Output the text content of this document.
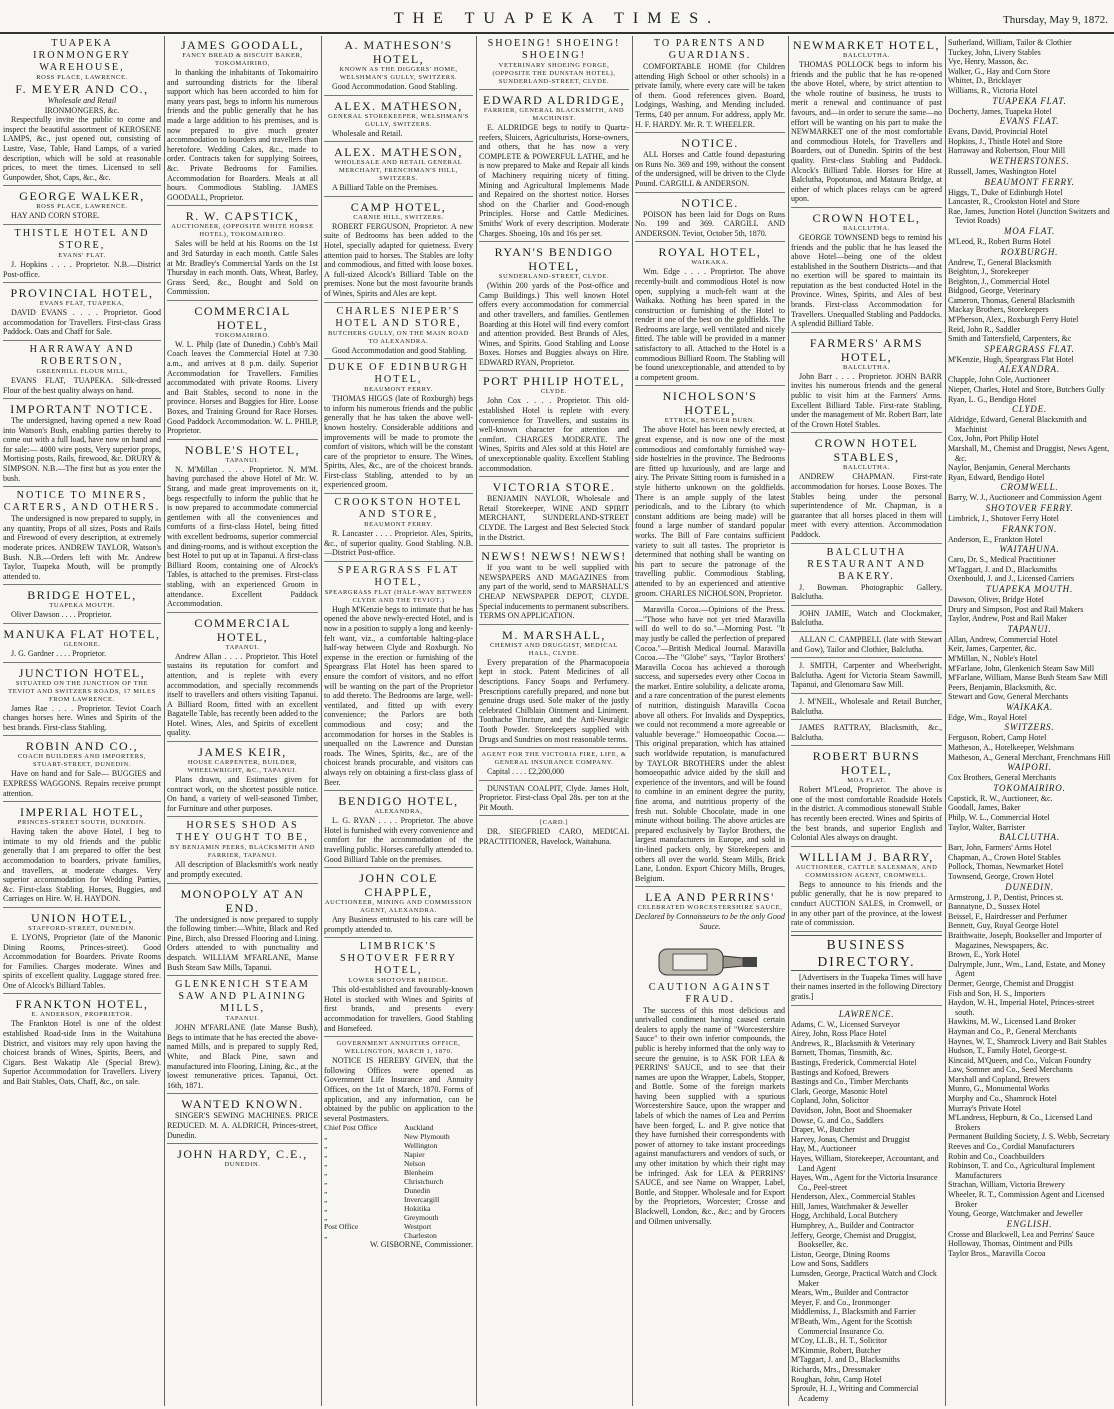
THE TUAPEKA TIMES.	Thursday, May 9, 1872.
TUAPEKA IRONMONGERY WAREHOUSE,
ROSS PLACE, LAWRENCE.
F. MEYER AND CO.,
Wholesale and Retail
IRONMONGERS, &c.
Respectfully invite the public to come and inspect the beautiful assortment of KEROSENE LAMPS, &c., just opened out, consisting of Lustre, Vase, Table, Hand Lamps, of a varied description, which will be sold at reasonable prices, to meet the times. Licensed to sell Gunpowder, Shot, Caps, &c., &c.
GEORGE WALKER,
ROSS PLACE, LAWRENCE.
HAY AND CORN STORE.
THISTLE HOTEL AND STORE,
EVANS' FLAT.
J. Hopkins . . . . Proprietor. N.B.—District Post-office.
PROVINCIAL HOTEL,
EVANS FLAT, TUAPEKA,
DAVID EVANS . . . . Proprietor. Good accommodation for Travellers. First-class Grass Paddock. Oats and Chaff for Sale.
HARRAWAY AND ROBERTSON,
GREENHILL FLOUR MILL,
EVANS FLAT, TUAPEKA. Silk-dressed Flour of the best quality always on hand.
IMPORTANT NOTICE.
The undersigned, having opened a new Road into Watson's Bush, enabling parties thereby to come out with a full load, have now on hand and for sale:— 4000 wire posts, Very superior props, Mortising posts, Rails, firewood, &c. DRURY & SIMPSON. N.B.—The first hut as you enter the bush.
NOTICE TO MINERS, CARTERS, AND OTHERS.
The undersigned is now prepared to supply, in any quantity, Props of all sizes, Posts and Rails and Firewood of every description, at extremely moderate prices. ANDREW TAYLOR, Watson's Bush. N.B.—Orders left with Mr. Andrew Taylor, Tuapeka Mouth, will be promptly attended to.
BRIDGE HOTEL,
TUAPEKA MOUTH.
Oliver Dawson . . . . Proprietor.
MANUKA FLAT HOTEL,
GLENORE.
J. G. Gardner . . . . Proprietor.
JUNCTION HOTEL,
SITUATED ON THE JUNCTION OF THE TEVIOT AND SWITZERS ROADS, 17 MILES FROM LAWRENCE.
James Rae . . . . Proprietor. Teviot Coach changes horses here. Wines and Spirits of the best brands. First-class Stabling.
ROBIN AND CO.,
COACH BUILDERS AND IMPORTERS, STUART-STREET, DUNEDIN.
Have on hand and for Sale— BUGGIES and EXPRESS WAGGONS. Repairs receive prompt attention.
IMPERIAL HOTEL,
PRINCES-STREET SOUTH, DUNEDIN.
Having taken the above Hotel, I beg to intimate to my old friends and the public generally that I am prepared to offer the best accommodation to boarders, private families, and travellers, at moderate charges. Very superior accommodation for Wedding Parties, &c. First-class Stabling. Horses, Buggies, and Carriages on Hire. W. H. HAYDON.
UNION HOTEL,
STAFFORD-STREET, DUNEDIN.
E. LYONS, Proprietor (late of the Manonic Dining Rooms, Princes-street). Good Accommodation for Boarders. Private Rooms for Families. Charges moderate. Wines and spirits of excellent quality. Luggage stored free. One of Alcock's Billiard Tables.
FRANKTON HOTEL,
E. ANDERSON, PROPRIETOR.
The Frankton Hotel is one of the oldest established Road-side Inns in the Waitahuna District, and visitors may rely upon having the choicest brands of Wines, Spirits, Beers, and Cigars. Best Wakatip Ale (Special Brew). Superior Accommodation for Travellers. Livery and Bait Stables, Oats, Chaff, &c., on sale.
JAMES GOODALL,
FANCY BREAD & BISCUIT BAKER,
TOKOMAIRIRO,
In thanking the inhabitants of Tokomairiro and surrounding districts for the liberal support which has been accorded to him for many years past, begs to inform his numerous friends and the public generally that he has made a large addition to his premises, and is now prepared to give much greater accommodation to boarders and travellers than heretofore. Wedding Cakes, &c., made to order. Contracts taken for supplying Soirees, &c. Private Bedrooms for Families. Accommodation for Boarders. Meals at all hours. Commodious Stabling. JAMES GOODALL, Proprietor.
R. W. CAPSTICK,
AUCTIONEER, (OPPOSITE WHITE HORSE HOTEL), TOKOMAIRIRO.
Sales will be held at his Rooms on the 1st and 3rd Saturday in each month. Cattle Sales at Mr. Bradley's Commercial Yards on the 1st Thursday in each month. Oats, Wheat, Barley, Grass Seed, &c., Bought and Sold on Commission.
COMMERCIAL HOTEL,
TOKOMAIRIRO.
W. L. Philp (late of Dunedin.) Cobb's Mail Coach leaves the Commercial Hotel at 7.30 a.m., and arrives at 8 p.m. daily. Superior Accommodation for Travellers. Families accommodated with private Rooms. Livery and Bait Stables, second to none in the province. Horses and Buggies for Hire. Loose Boxes, and Training Ground for Race Horses. Good Paddock Accommodation. W. L. PHILP, Proprietor.
NOBLE'S HOTEL,
TAPANUI.
N. M'Millan . . . . Proprietor. N. M'M. having purchased the above Hotel of Mr. W. Strang, and made great improvements on it, begs respectfully to inform the public that he is now prepared to accommodate commercial gentlemen with all the conveniences and comforts of a first-class Hotel, being fitted with excellent bedrooms, superior commercial and dining-rooms, and is without exception the best Hotel to put up at in Tapanui. A first-class Billiard Room, containing one of Alcock's Tables, is attached to the premises. First-class stabling, with an experienced Groom in attendance. Excellent Paddock Accommodation.
COMMERCIAL HOTEL,
TAPANUI.
Andrew Allan . . . . Proprietor. This Hotel sustains its reputation for comfort and attention, and is replete with every accommodation, and specially recommends itself to travellers and others visiting Tapanui. A Billiard Room, fitted with an excellent Bagatelle Table, has recently been added to the Hotel. Wines, Ales, and Spirits of excellent quality.
JAMES KEIR,
HOUSE CARPENTER, BUILDER, WHEELWRIGHT, &C., TAPANUI.
Plans drawn, and Estimates given for contract work, on the shortest possible notice. On hand, a variety of well-seasoned Timber, for Furniture and other purposes.
HORSES SHOD AS THEY OUGHT TO BE,
BY BENJAMIN PEERS, BLACKSMITH AND FARRIER, TAPANUI.
All description of Blacksmith's work neatly and promptly executed.
MONOPOLY AT AN END.
The undersigned is now prepared to supply the following timber:—White, Black and Red Pine, Birch, also Dressed Flooring and Lining. Orders attended to with punctuality and despatch. WILLIAM M'FARLANE, Manse Bush Steam Saw Mills, Tapanui.
GLENKENICH STEAM SAW AND PLAINING MILLS,
TAPANUI.
JOHN M'FARLANE (late Manse Bush), Begs to intimate that he has erected the above-named Mills, and is prepared to supply Red, White, and Black Pine, sawn and manufactured into Flooring, Lining, &c., at the lowest remunerative prices. Tapanui, Oct. 16th, 1871.
WANTED KNOWN.
SINGER'S SEWING MACHINES. PRICE REDUCED. M. A. ALDRICH, Princes-street, Dunedin.
JOHN HARDY, C.E.,
DUNEDIN.
A. MATHESON'S HOTEL,
KNOWN AS THE DIGGERS' HOME, WELSHMAN'S GULLY, SWITZERS.
Good Accommodation. Good Stabling.
ALEX. MATHESON,
GENERAL STOREKEEPER, WELSHMAN'S GULLY, SWITZERS.
Wholesale and Retail.
ALEX. MATHESON,
WHOLESALE AND RETAIL GENERAL MERCHANT, FRENCHMAN'S HILL, SWITZERS.
A Billiard Table on the Premises.
CAMP HOTEL,
CARNIE HILL, SWITZERS.
ROBERT FERGUSON, Proprietor. A new suite of Bedrooms has been added to the Hotel, specially adapted for quietness. Every attention paid to horses. The Stables are lofty and commodious, and fitted with loose boxes. A full-sized Alcock's Billiard Table on the premises. None but the most favourite brands of Wines, Spirits and Ales are kept.
CHARLES NIEPER'S HOTEL AND STORE,
BUTCHERS GULLY, ON THE MAIN ROAD TO ALEXANDRA.
Good Accommodation and good Stabling.
DUKE OF EDINBURGH HOTEL,
BEAUMONT FERRY.
THOMAS HIGGS (late of Roxburgh) begs to inform his numerous friends and the public generally that he has taken the above well-known hostelry. Considerable additions and improvements will be made to promote the comfort of visitors, which will be the constant care of the proprietor to ensure. The Wines, Spirits, Ales, &c., are of the choicest brands. First-class Stabling, attended to by an experienced groom.
CROOKSTON HOTEL AND STORE,
BEAUMONT FERRY.
R. Lancaster . . . . Proprietor. Ales, Spirits, &c., of superior quality. Good Stabling. N.B.—District Post-office.
SPEARGRASS FLAT HOTEL,
SPEARGRASS FLAT (HALF-WAY BETWEEN CLYDE AND THE TEVIOT.)
Hugh M'Kenzie begs to intimate that he has opened the above newly-erected Hotel, and is now in a position to supply a long and keenly-felt want, viz., a comfortable halting-place half-way between Clyde and Roxburgh. No expense in the erection or furnishing of the Speargrass Flat Hotel has been spared to ensure the comfort of visitors, and no effort will be wanting on the part of the Proprietor to add thereto. The Bedrooms are large, well-ventilated, and fitted up with every convenience; the Parlors are both commodious and cosy; and the accommodation for horses in the Stables is unequalled on the Lawrence and Dunstan roads. The Wines, Spirits, &c., are of the choicest brands procurable, and visitors can always rely on obtaining a first-class glass of Beer.
BENDIGO HOTEL,
ALEXANDRA,
L. G. RYAN . . . . Proprietor. The above Hotel is furnished with every convenience and comfort for the accommodation of the travelling public. Horses carefully attended to. Good Billiard Table on the premises.
JOHN COLE CHAPPLE,
AUCTIONEER, MINING AND COMMISSION AGENT, ALEXANDRA.
Any Business entrusted to his care will be promptly attended to.
LIMBRICK'S SHOTOVER FERRY HOTEL,
LOWER SHOTOVER BRIDGE.
This old-established and favourably-known Hotel is stocked with Wines and Spirits of first brands, and presents every accommodation for travellers. Good Stabling and Horsefeed.
GOVERNMENT ANNUITIES OFFICE, WELLINGTON, MARCH 1, 1870.
NOTICE IS HEREBY GIVEN, that the following Offices were opened as Government Life Insurance and Annuity Offices, on the 1st of March, 1870. Forms of application, and any information, can be obtained by the public on application to the several Postmasters.
Chief Post Office	Auckland
„	New Plymouth
„	Wellington
„	Napier
„	Nelson
„	Blenheim
„	Christchurch
„	Dunedin
„	Invercargill
„	Hokitika
„	Greymouth
Post Office	Westport
„	Charleston
W. GISBORNE, Commissioner.
SHOEING! SHOEING! SHOEING!
VETERINARY SHOEING FORGE, (OPPOSITE THE DUNSTAN HOTEL), SUNDERLAND-STREET, CLYDE.
EDWARD ALDRIDGE,
FARRIER, GENERAL BLACKSMITH, AND MACHINIST.
E. ALDRIDGE begs to notify to Quartz-reefers, Sluicers, Agriculturists, Horse-owners, and others, that he has now a very COMPLETE & POWERFUL LATHE, and he is now prepared to Make and Repair all kinds of Machinery requiring nicety of fitting. Mining and Agricultural Implements Made and Repaired on the shortest notice. Horses shod on the Charlier and Good-enough Principles. Horse and Cattle Medicines. Smiths' Work of every description. Moderate Charges. Shoeing, 10s and 16s per set.
RYAN'S BENDIGO HOTEL,
SUNDERLAND-STREET, CLYDE.
(Within 200 yards of the Post-office and Camp Buildings.) This well known Hotel offers every accommodation for commercial and other travellers, and families. Gentlemen Boarding at this Hotel will find every comfort and attention provided. Best Brands of Ales, Wines, and Spirits. Good Stabling and Loose Boxes. Horses and Buggies always on Hire. EDWARD RYAN, Proprietor.
PORT PHILIP HOTEL,
CLYDE.
John Cox . . . . Proprietor. This old-established Hotel is replete with every convenience for Travellers, and sustains its well-known character for attention and comfort. CHARGES MODERATE. The Wines, Spirits and Ales sold at this Hotel are of unexceptionable quality. Excellent Stabling accommodation.
VICTORIA STORE.
BENJAMIN NAYLOR, Wholesale and Retail Storekeeper, WINE AND SPIRIT MERCHANT, SUNDERLAND-STREET CLYDE. The Largest and Best Selected Stock in the District.
NEWS! NEWS! NEWS!
If you want to be well supplied with NEWSPAPERS AND MAGAZINES from any part of the world, send to MARSHALL'S CHEAP NEWSPAPER DEPOT, CLYDE. Special inducements to permanent subscribers. TERMS ON APPLICATION.
M. MARSHALL,
CHEMIST AND DRUGGIST, MEDICAL HALL, CLYDE.
Every preparation of the Pharmacopoeia kept in stock. Patent Medicines of all descriptions. Fancy Soaps and Perfumery. Prescriptions carefully prepared, and none but genuine drugs used. Sole maker of the justly celebrated Chilblain Ointment and Liniment. Toothache Tincture, and the Anti-Neuralgic Tooth Powder. Storekeepers supplied with Drugs and Sundries on most reasonable terms.
AGENT FOR THE VICTORIA FIRE, LIFE, & GENERAL INSURANCE COMPANY.
Capital . . . . £2,200,000
DUNSTAN COALPIT, Clyde. James Holt, Proprietor. First-class Opal 28s. per ton at the Pit Mouth.
[CARD.]
DR. SIEGFRIED CARO, MEDICAL PRACTITIONER, Havelock, Waitahuna.
TO PARENTS AND GUARDIANS.
COMFORTABLE HOME (for Children attending High School or other schools) in a private family, where every care will be taken of them. Good references given. Board, Lodgings, Washing, and Mending included. Terms, £40 per annum. For address, apply Mr. H. F. HARDY. Mr. R. T. WHEELER.
NOTICE.
ALL Horses and Cattle found depasturing on Runs No. 369 and 199, without the consent of the undersigned, will be driven to the Clyde Pound. CARGILL & ANDERSON.
NOTICE.
POISON has been laid for Dogs on Runs No. 199 and 369. CARGILL AND ANDERSON. Teviot, October 5th, 1870.
ROYAL HOTEL,
WAIKAKA.
Wm. Edge . . . . Proprietor. The above recently-built and commodious Hotel is now open, supplying a much-felt want at the Waikaka. Nothing has been spared in the construction or furnishing of the Hotel to render it one of the best on the goldfields. The Bedrooms are large, well ventilated and nicely fitted. The table will be provided in a manner satisfactory to all. Attached to the Hotel is a commodious Billiard Room. The Stabling will be found unexceptionable, and attended to by a competent groom.
NICHOLSON'S HOTEL,
ETTRICK, BENGER BURN.
The above Hotel has been newly erected, at great expense, and is now one of the most commodious and comfortably furnished way-side hostelries in the province. The Bedrooms are fitted up luxuriously, and are large and airy. The Private Sitting room is furnished in a style hitherto unknown on the goldfields. There is an ample supply of the latest periodicals, and to the Library (to which constant additions are being made) will be found a large number of standard popular works. The Bill of Fare contains sufficient variety to suit all tastes. The proprietor is determined that nothing shall be wanting on his part to secure the patronage of the travelling public. Commodious Stabling, attended to by an experienced and attentive groom. CHARLES NICHOLSON, Proprietor.
Maravilla Cocoa.—Opinions of the Press.—"Those who have not yet tried Maravilla will do well to do so."—Morning Post. "It may justly be called the perfection of prepared Cocoa."—British Medical Journal. Maravilla Cocoa.—The "Globe" says, "Taylor Brothers' Maravilla Cocoa has achieved a thorough success, and supersedes every other Cocoa in the market. Entire solubility, a delicate aroma, and a rare concentration of the purest elements of nutrition, distinguish Maravilla Cocoa above all others. For Invalids and Dyspeptics, we could not recommend a more agreeable or valuable beverage." Homoeopathic Cocoa.—This original preparation, which has attained such worldwide reputation, is manufactured by TAYLOR BROTHERS under the ablest homoeopathic advice aided by the skill and experience of the inventors, and will be found to combine in an eminent degree the purity, fine aroma, and nutritious property of the fresh nut. Soluble Chocolate, made in one minute without boiling. The above articles are prepared exclusively by Taylor Brothers, the largest manufacturers in Europe, and sold in tin-lined packets only, by Storekeepers and others all over the world. Steam Mills, Brick Lane, London. Export Chicory Mills, Bruges, Belgium.
LEA AND PERRINS'
CELEBRATED WORCESTERSHIRE SAUCE,
Declared by Connoisseurs to be the only Good Sauce.
CAUTION AGAINST FRAUD.
The success of this most delicious and unrivalled condiment having caused certain dealers to apply the name of "Worcestershire Sauce" to their own inferior compounds, the public is hereby informed that the only way to secure the genuine, is to ASK FOR LEA & PERRINS' SAUCE, and to see that their names are upon the Wrapper, Labels, Stopper, and Bottle. Some of the foreign markets having been supplied with a spurious Worcestershire Sauce, upon the wrapper and labels of which the names of Lea and Perrins have been forged, L. and P. give notice that they have furnished their correspondents with power of attorney to take instant proceedings against manufacturers and vendors of such, or any other imitation by which their right may be infringed. Ask for LEA & PERRINS' SAUCE, and see Name on Wrapper, Label, Bottle, and Stopper. Wholesale and for Export by the Proprietors, Worcester; Crosse and Blackwell, London, &c., &c.; and by Grocers and Oilmen universally.
NEWMARKET HOTEL,
BALCLUTHA.
THOMAS POLLOCK begs to inform his friends and the public that he has re-opened the above Hotel, where, by strict attention to the whole routine of business, he trusts to merit a renewal and continuance of past favours, and—in order to secure the same—no effort will be wanting on his part to make the NEWMARKET one of the most comfortable and commodious Hotels, for Travellers and Boarders, out of Dunedin. Spirits of the best quality. First-class Stabling and Paddock. Alcock's Billiard Table. Horses for Hire at Balclutha, Popotunoa, and Mataura Bridge, at either of which places relays can be agreed upon.
CROWN HOTEL,
BALCLUTHA.
GEORGE TOWNSEND begs to remind his friends and the public that he has leased the above Hotel—being one of the oldest established in the Southern Districts—and that no exertion will be spared to maintain its reputation as the best conducted Hotel in the Province. Wines, Spirits, and Ales of best brands. First-class Accommodation for Travellers. Unequalled Stabling and Paddocks. A splendid Billiard Table.
FARMERS' ARMS HOTEL,
BALCLUTHA.
John Barr . . . . Proprietor. JOHN BARR invites his numerous friends and the general public to visit him at the Farmers' Arms. Excellent Billiard Table. First-rate Stabling, under the management of Mr. Robert Barr, late of the Crown Hotel Stables.
CROWN HOTEL STABLES,
BALCLUTHA.
ANDREW CHAPMAN. First-rate accommodation for horses. Loose Boxes. The Stables being under the personal superintendence of Mr. Chapman, is a guarantee that all horses placed in them will meet with every attention. Accommodation Paddock.
BALCLUTHA RESTAURANT AND BAKERY.
J. Bowman. Photographic Gallery, Balclutha.
JOHN JAMIE, Watch and Clockmaker, Balclutha.
ALLAN C. CAMPBELL (late with Stewart and Gow), Tailor and Clothier, Balclutha.
J. SMITH, Carpenter and Wheelwright, Balclutha. Agent for Victoria Steam Sawmill, Tapanui, and Glenomaru Saw Mill.
J. M'NEIL, Wholesale and Retail Butcher, Balclutha.
JAMES RATTRAY, Blacksmith, &c., Balclutha.
ROBERT BURNS HOTEL,
MOA FLAT.
Robert M'Leod, Proprietor. The above is one of the most comfortable Roadside Hotels in the district. A commodious stonewall Stable has recently been erected. Wines and Spirits of the best brands, and superior English and Colonial Ales always on draught.
WILLIAM J. BARRY,
AUCTIONEER, CATTLE SALESMAN, AND COMMISSION AGENT, CROMWELL.
Begs to announce to his friends and the public generally, that he is now prepared to conduct AUCTION SALES, in Cromwell, or in any other part of the province, at the lowest rate of commission.
BUSINESS DIRECTORY.
[Advertisers in the Tuapeka Times will have their names inserted in the following Directory gratis.]
LAWRENCE.
Adams, C. W., Licensed Surveyor
Airey, John, Ross Place Hotel
Andrews, R., Blacksmith & Veterinary
Barnett, Thomas, Tinsmith, &c.
Bastings, Frederick, Commercial Hotel
Bastings and Kofoed, Brewers
Bastings and Co., Timber Merchants
Clark, George, Masonic Hotel
Copland, John, Solicitor
Davidson, John, Boot and Shoemaker
Dowse, G. and Co., Saddlers
Draper, W., Butcher
Harvey, Jonas, Chemist and Druggist
Hay, M., Auctioneer
Hayes, William, Storekeeper, Accountant, and Land Agent
Hayes, Wm., Agent for the Victoria Insurance Co., Peel-street
Henderson, Alex., Commercial Stables
Hill, James, Watchmaker & Jeweller
Hogg, Archibald, Local Butchery
Humphrey, A., Builder and Contractor
Jeffery, George, Chemist and Druggist, Bookseller, &c.
Liston, George, Dining Rooms
Low and Sons, Saddlers
Lumsden, George, Practical Watch and Clock Maker
Mears, Wm., Builder and Contractor
Meyer, F. and Co., Ironmonger
Middlemiss, J., Blacksmith and Farrier
M'Beath, Wm., Agent for the Scottish Commercial Insurance Co.
M'Coy, LL.B., H. T., Solicitor
M'Kimmie, Robert, Butcher
M'Taggart, J. and D., Blacksmiths
Richards, Mrs., Dressmaker
Roughan, John, Camp Hotel
Sproule, H. J., Writing and Commercial Academy
Sutherland, William, Tailor & Clothier
Tuckey, John, Livery Stables
Vye, Henry, Masson, &c.
Walker, G., Hay and Corn Store
Whittet, D., Bricklayer
Williams, R., Victoria Hotel
TUAPEKA FLAT.
Docherty, James, Tuapeka Hotel
EVANS FLAT.
Evans, David, Provincial Hotel
Hopkins, J., Thistle Hotel and Store
Harraway and Robertson, Flour Mill
WETHERSTONES.
Russell, James, Washington Hotel
BEAUMONT FERRY.
Higgs, T., Duke of Edinburgh Hotel
Lancaster, R., Crookston Hotel and Store
Rae, James, Junction Hotel (Junction Switzers and Teviot Roads)
MOA FLAT.
M'Leod, R., Robert Burns Hotel
ROXBURGH.
Andrew, T., General Blacksmith
Beighton, J., Storekeeper
Beighton, J., Commercial Hotel
Bidgood, George, Veterinary
Cameron, Thomas, General Blacksmith
Mackay Brothers, Storekeepers
M'Pherson, Alex., Roxburgh Ferry Hotel
Reid, John R., Saddler
Smith and Tattersfield, Carpenters, &c
SPEARGRASS FLAT.
M'Kenzie, Hugh, Speargrass Flat Hotel
ALEXANDRA.
Chapple, John Cole, Auctioneer
Nieper, Charles, Hotel and Store, Butchers Gully
Ryan, L. G., Bendigo Hotel
CLYDE.
Aldridge, Edward, General Blacksmith and Machinist
Cox, John, Port Philip Hotel
Marshall, M., Chemist and Druggist, News Agent, &c.
Naylor, Benjamin, General Merchants
Ryan, Edward, Bendigo Hotel
CROMWELL.
Barry, W. J., Auctioneer and Commission Agent
SHOTOVER FERRY.
Limbrick, J., Shotover Ferry Hotel
FRANKTON.
Anderson, E., Frankton Hotel
WAITAHUNA.
Caro, Dr. S., Medical Practitioner
M'Taggart, J. and D., Blacksmiths
Oxenbould, J. and J., Licensed Carriers
TUAPEKA MOUTH.
Dawson, Oliver, Bridge Hotel
Drury and Simpson, Post and Rail Makers
Taylor, Andrew, Post and Rail Maker
TAPANUI.
Allan, Andrew, Commercial Hotel
Keir, James, Carpenter, &c.
M'Millan, N., Noble's Hotel
M'Farlane, John, Glenkenich Steam Saw Mill
M'Farlane, William, Manse Bush Steam Saw Mill
Peers, Benjamin, Blacksmith, &c.
Stewart and Gow, General Merchants
WAIKAKA.
Edge, Wm., Royal Hotel
SWITZERS.
Ferguson, Robert, Camp Hotel
Matheson, A., Hotelkeeper, Welshmans
Matheson, A., General Merchant, Frenchmans Hill
WAIPORI.
Cox Brothers, General Merchants
TOKOMAIRIRO.
Capstick, R. W., Auctioneer, &c.
Goodall, James, Baker
Philp, W. L., Commercial Hotel
Taylor, Walter, Barrister
BALCLUTHA.
Barr, John, Farmers' Arms Hotel
Chapman, A., Crown Hotel Stables
Pollock, Thomas, Newmarket Hotel
Townsend, George, Crown Hotel
DUNEDIN.
Armstrong, J. P., Dentist, Princes st.
Bannatyne, D., Sussex Hotel
Beissel, F., Hairdresser and Perfumer
Bennett, Guy, Royal George Hotel
Braithwaite, Joseph, Bookseller and Importer of Magazines, Newspapers, &c.
Brown, E., York Hotel
Dalrymple, Junr., Wm., Land, Estate, and Money Agent
Dermer, George, Chemist and Druggist
Fish and Son, H. S., Importers
Haydon, W. H., Imperial Hotel, Princes-street south.
Hawkins, M. W., Licensed Land Broker
Hayman and Co., P., General Merchants
Haynes, W. T., Shamrock Livery and Bait Stables
Hudson, T., Family Hotel, George-st.
Kincaid, M'Queen, and Co., Vulcan Foundry
Law, Somner and Co., Seed Merchants
Marshall and Copland, Brewers
Munro, G., Monumental Works
Murphy and Co., Shamrock Hotel
Murray's Private Hotel
M'Landress, Hepburn, & Co., Licensed Land Brokers
Permanent Building Society, J. S. Webb, Secretary
Reeves and Co., Cordial Manufacturers
Robin and Co., Coachbuilders
Robinson, T. and Co., Agricultural Implement Manufacturers
Strachan, William, Victoria Brewery
Wheeler, R. T., Commission Agent and Licensed Broker
Young, George, Watchmaker and Jeweller
ENGLISH.
Crosse and Blackwell, Lea and Perrins' Sauce
Holloway, Thomas, Ointment and Pills
Taylor Bros., Maravilla Cocoa
